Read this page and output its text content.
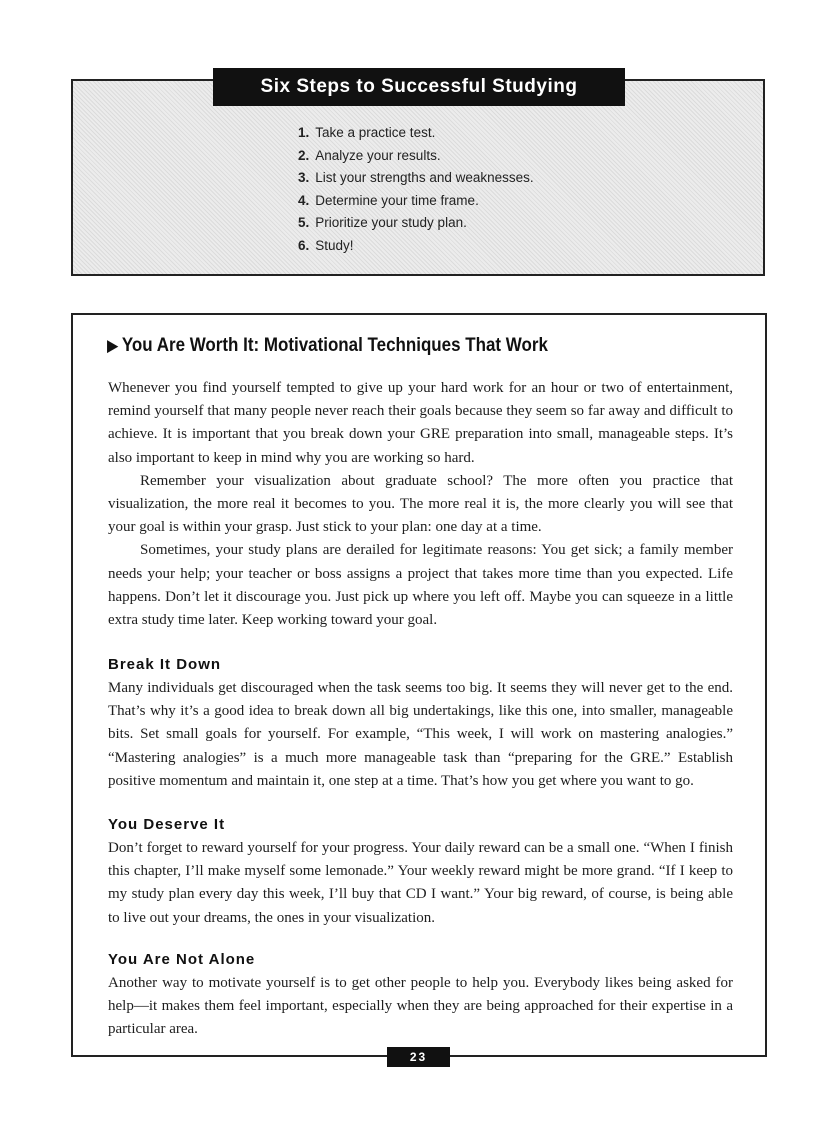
Six Steps to Successful Studying
1. Take a practice test.
2. Analyze your results.
3. List your strengths and weaknesses.
4. Determine your time frame.
5. Prioritize your study plan.
6. Study!
▶ You Are Worth It: Motivational Techniques That Work

Whenever you find yourself tempted to give up your hard work for an hour or two of entertainment, remind yourself that many people never reach their goals because they seem so far away and difficult to achieve. It is important that you break down your GRE preparation into small, manageable steps. It’s also important to keep in mind why you are working so hard.

Remember your visualization about graduate school? The more often you practice that visualization, the more real it becomes to you. The more real it is, the more clearly you will see that your goal is within your grasp. Just stick to your plan: one day at a time.

Sometimes, your study plans are derailed for legitimate reasons: You get sick; a family member needs your help; your teacher or boss assigns a project that takes more time than you expected. Life happens. Don’t let it discourage you. Just pick up where you left off. Maybe you can squeeze in a little extra study time later. Keep working toward your goal.

Break It Down

Many individuals get discouraged when the task seems too big. It seems they will never get to the end. That’s why it’s a good idea to break down all big undertakings, like this one, into smaller, manageable bits. Set small goals for yourself. For example, “This week, I will work on mastering analogies.” “Mastering analogies” is a much more manageable task than “preparing for the GRE.” Establish positive momentum and maintain it, one step at a time. That’s how you get where you want to go.

You Deserve It

Don’t forget to reward yourself for your progress. Your daily reward can be a small one. “When I finish this chapter, I’ll make myself some lemonade.” Your weekly reward might be more grand. “If I keep to my study plan every day this week, I’ll buy that CD I want.” Your big reward, of course, is being able to live out your dreams, the ones in your visualization.

You Are Not Alone

Another way to motivate yourself is to get other people to help you. Everybody likes being asked for help—it makes them feel important, especially when they are being approached for their expertise in a particular area.

23
